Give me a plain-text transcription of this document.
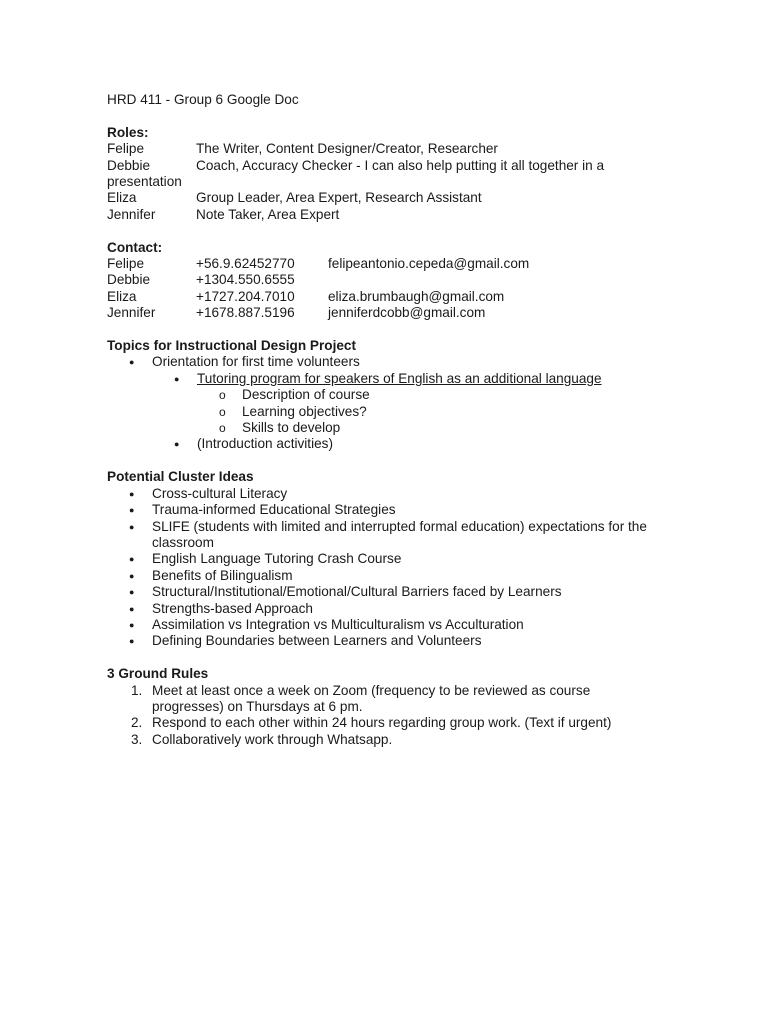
HRD 411 - Group 6 Google Doc

Roles:

Felipe	The Writer, Content Designer/Creator, Researcher
Debbie	Coach, Accuracy Checker - I can also help putting it all together in a

presentation

Eliza	Group Leader, Area Expert, Research Assistant
Jennifer	Note Taker, Area Expert

Contact:

Felipe	+56.9.62452770	felipeantonio.cepeda@gmail.com
Debbie	+1304.550.6555
Eliza	+1727.204.7010	eliza.brumbaugh@gmail.com
Jennifer	+1678.887.5196	jenniferdcobb@gmail.com

Topics for Instructional Design Project

●	Orientation for first time volunteers
●	Tutoring program for speakers of English as an additional language
o	Description of course
o	Learning objectives?
o	Skills to develop
●	(Introduction activities)

Potential Cluster Ideas

●	Cross-cultural Literacy
●	Trauma-informed Educational Strategies
●	SLIFE (students with limited and interrupted formal education) expectations for the classroom
●	English Language Tutoring Crash Course
●	Benefits of Bilingualism
●	Structural/Institutional/Emotional/Cultural Barriers faced by Learners
●	Strengths-based Approach
●	Assimilation vs Integration vs Multiculturalism vs Acculturation
●	Defining Boundaries between Learners and Volunteers

3 Ground Rules

1. Meet at least once a week on Zoom (frequency to be reviewed as course progresses) on Thursdays at 6 pm.
2. Respond to each other within 24 hours regarding group work. (Text if urgent)
3. Collaboratively work through Whatsapp.
